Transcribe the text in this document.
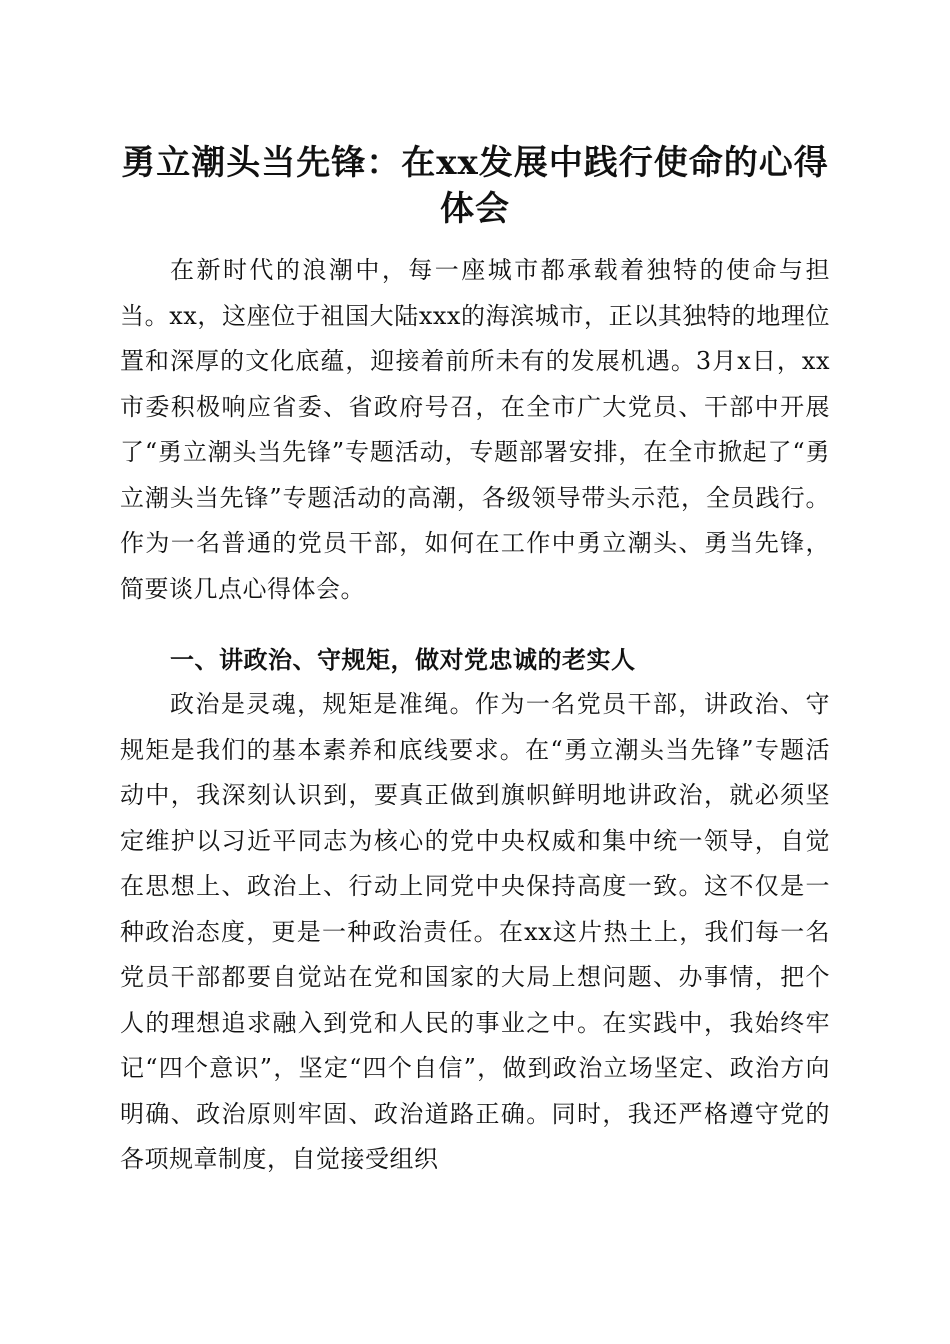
勇立潮头当先锋：在xx发展中践行使命的心得体会

在新时代的浪潮中，每一座城市都承载着独特的使命与担当。xx，这座位于祖国大陆xxx的海滨城市，正以其独特的地理位置和深厚的文化底蕴，迎接着前所未有的发展机遇。3月x日，xx市委积极响应省委、省政府号召，在全市广大党员、干部中开展了“勇立潮头当先锋”专题活动，专题部署安排，在全市掀起了“勇立潮头当先锋”专题活动的高潮，各级领导带头示范，全员践行。作为一名普通的党员干部，如何在工作中勇立潮头、勇当先锋，简要谈几点心得体会。

一、讲政治、守规矩，做对党忠诚的老实人

政治是灵魂，规矩是准绳。作为一名党员干部，讲政治、守规矩是我们的基本素养和底线要求。在“勇立潮头当先锋”专题活动中，我深刻认识到，要真正做到旗帜鲜明地讲政治，就必须坚定维护以习近平同志为核心的党中央权威和集中统一领导，自觉在思想上、政治上、行动上同党中央保持高度一致。这不仅是一种政治态度，更是一种政治责任。在xx这片热土上，我们每一名党员干部都要自觉站在党和国家的大局上想问题、办事情，把个人的理想追求融入到党和人民的事业之中。在实践中，我始终牢记“四个意识”，坚定“四个自信”，做到政治立场坚定、政治方向明确、政治原则牢固、政治道路正确。同时，我还严格遵守党的各项规章制度，自觉接受组织
